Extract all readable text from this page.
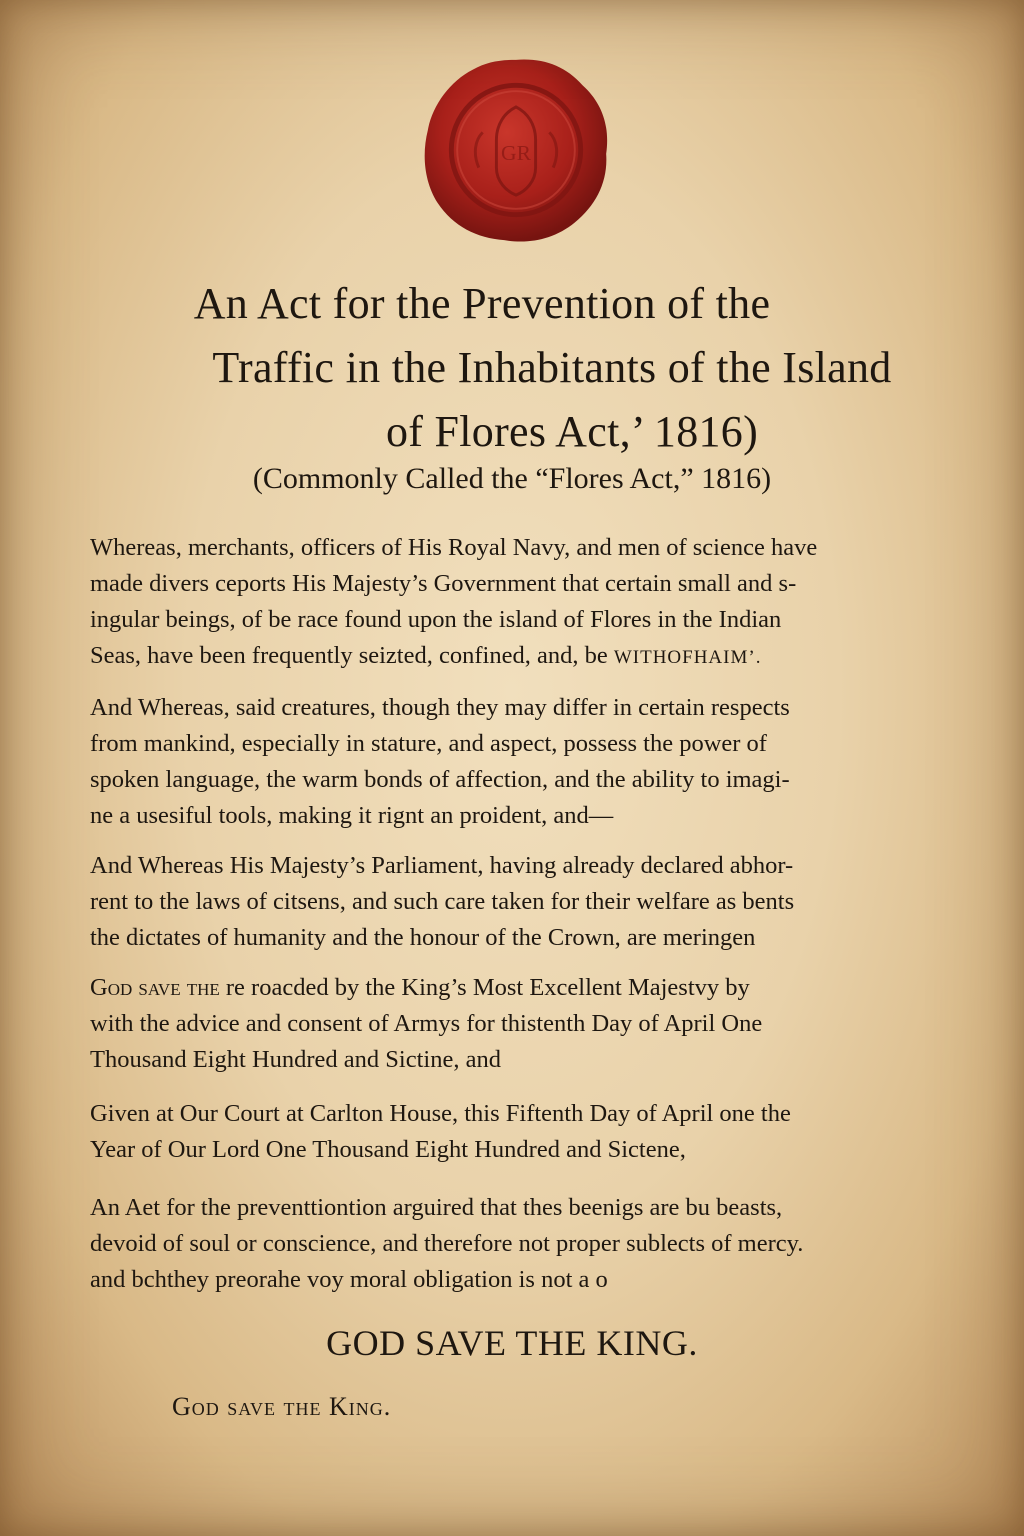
GR
An Act for the Prevention of the
Traffic in the Inhabitants of the Island
of Flores Act,’ 1816)
(Commonly Called the “Flores Act,” 1816)

Whereas, merchants, officers of His Royal Navy, and men of science have
made divers ceports His Majesty’s Government that certain small and s-
ingular beings, of be race found upon the island of Flores in the Indian
Seas, have been frequently seizted, confined, and, be WITHOFHAIM’.

And Whereas, said creatures, though they may differ in certain respects
from mankind, especially in stature, and aspect, possess the power of
spoken language, the warm bonds of affection, and the ability to imagi-
ne a usesiful tools, making it rignt an proident, and—

And Whereas His Majesty’s Parliament, having already declared abhor-
rent to the laws of citsens, and such care taken for their welfare as bents
the dictates of humanity and the honour of the Crown, are meringen

God save the re roacded by the King’s Most Excellent Majestvy by
with the advice and consent of Armys for thistenth Day of April One
Thousand Eight Hundred and Sictine, and

Given at Our Court at Carlton House, this Fiftenth Day of April one the
Year of Our Lord One Thousand Eight Hundred and Sictene,

An Aet for the preventtiontion arguired that thes beenigs are bu beasts,
devoid of soul or conscience, and therefore not proper sublects of mercy.
and bchthey preorahe voy moral obligation is not a o

GOD SAVE THE KING.
God save the King.
